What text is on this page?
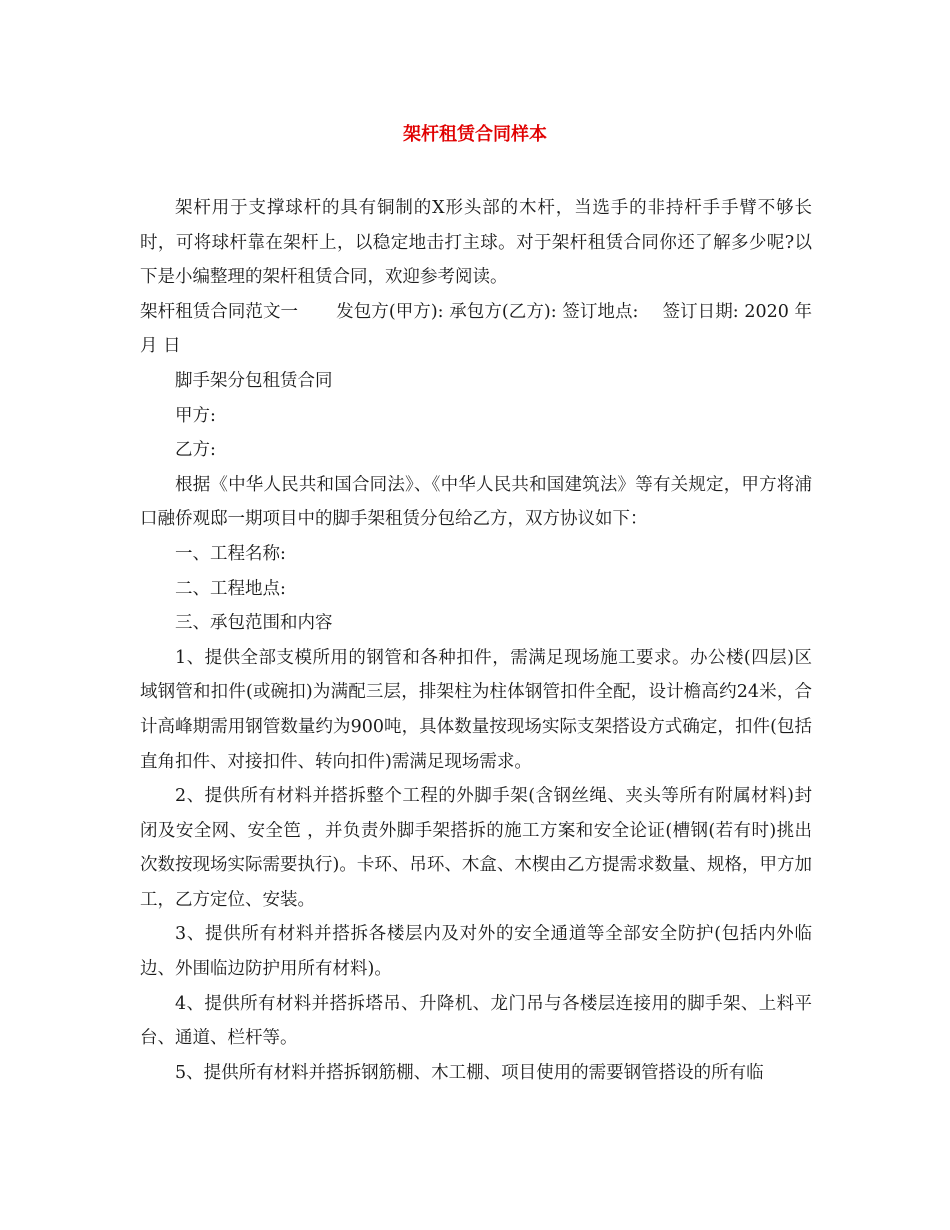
架杆租赁合同样本

架杆用于支撑球杆的具有铜制的X形头部的木杆，当选手的非持杆手手臂不够长时，可将球杆靠在架杆上，以稳定地击打主球。对于架杆租赁合同你还了解多少呢?以下是小编整理的架杆租赁合同，欢迎参考阅读。

架杆租赁合同范文一 发包方(甲方): 承包方(乙方): 签订地点: 签订日期: 2020 年 月 日

脚手架分包租赁合同

甲方:

乙方:

根据《中华人民共和国合同法》、《中华人民共和国建筑法》等有关规定，甲方将浦口融侨观邸一期项目中的脚手架租赁分包给乙方，双方协议如下：

一、工程名称:

二、工程地点:

三、承包范围和内容

1、提供全部支模所用的钢管和各种扣件，需满足现场施工要求。办公楼(四层)区域钢管和扣件(或碗扣)为满配三层，排架柱为柱体钢管扣件全配，设计檐高约24米，合计高峰期需用钢管数量约为900吨，具体数量按现场实际支架搭设方式确定，扣件(包括直角扣件、对接扣件、转向扣件)需满足现场需求。

2、提供所有材料并搭拆整个工程的外脚手架(含钢丝绳、夹头等所有附属材料)封闭及安全网、安全笆 ，并负责外脚手架搭拆的施工方案和安全论证(槽钢(若有时)挑出次数按现场实际需要执行)。卡环、吊环、木盒、木楔由乙方提需求数量、规格，甲方加工，乙方定位、安装。

3、提供所有材料并搭拆各楼层内及对外的安全通道等全部安全防护(包括内外临边、外围临边防护用所有材料)。

4、提供所有材料并搭拆塔吊、升降机、龙门吊与各楼层连接用的脚手架、上料平台、通道、栏杆等。

5、提供所有材料并搭拆钢筋棚、木工棚、项目使用的需要钢管搭设的所有临
